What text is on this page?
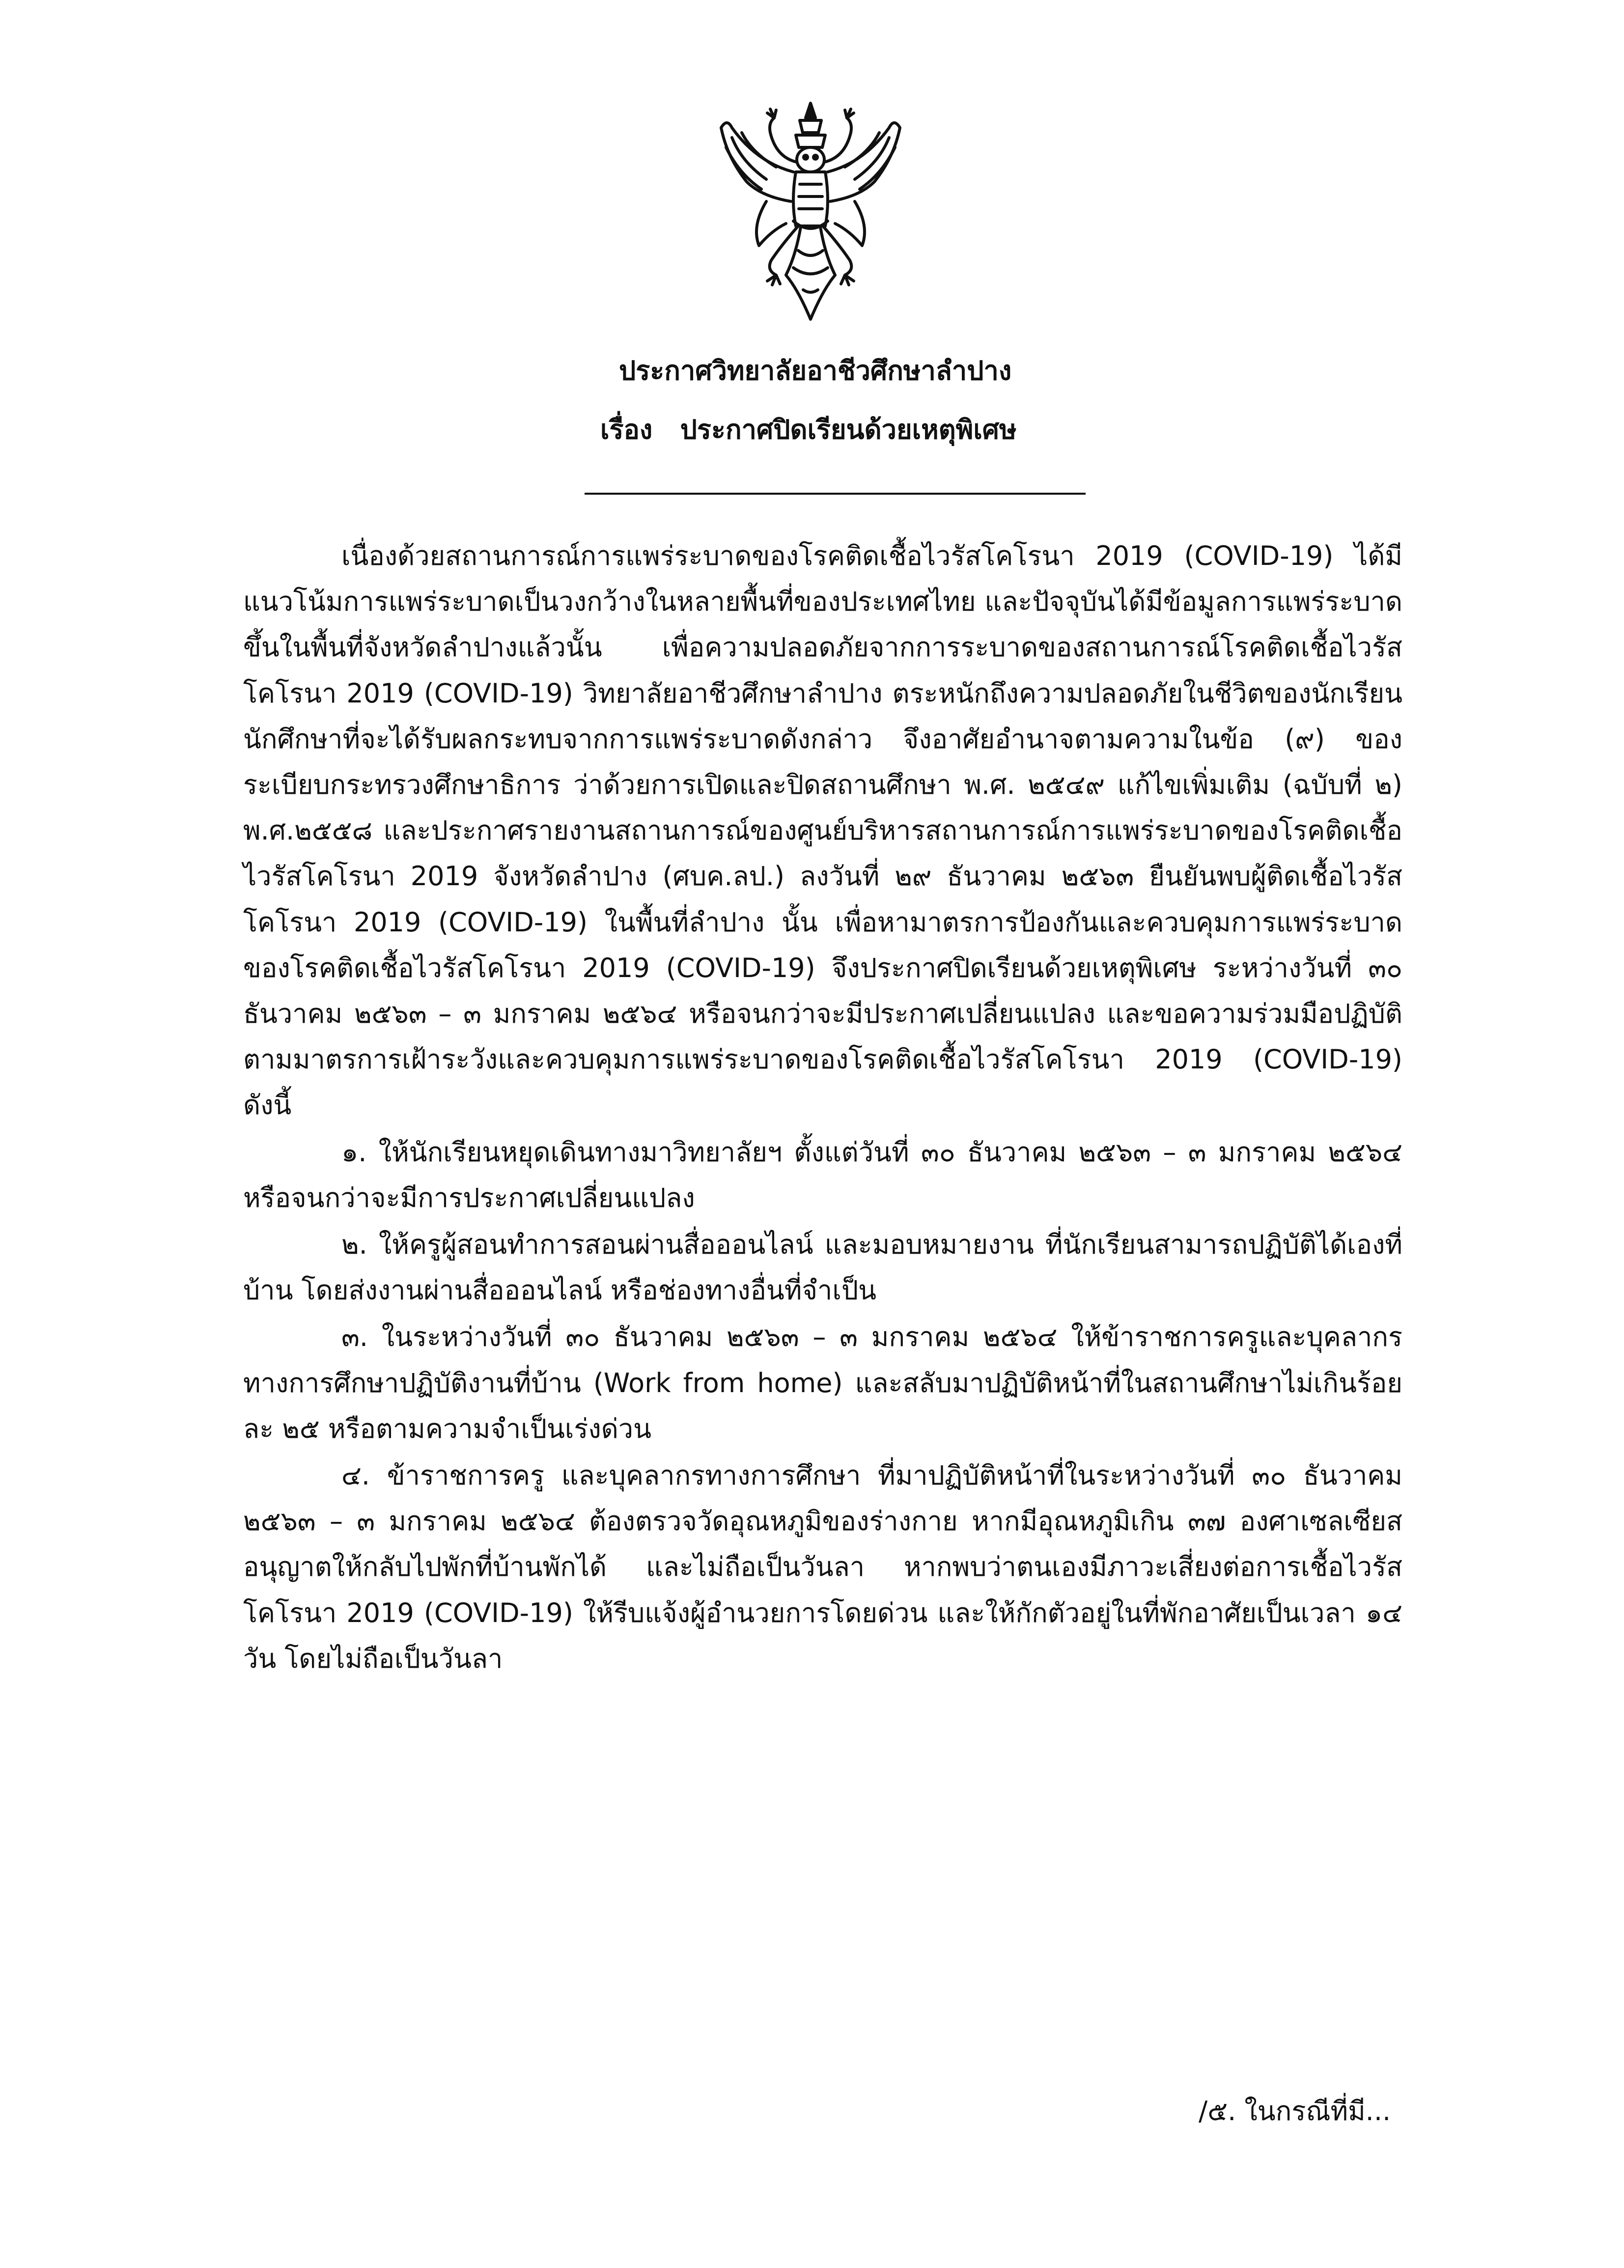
ประกาศวิทยาลัยอาชีวศึกษาลำปาง
เรื่อง   ประกาศปิดเรียนด้วยเหตุพิเศษ

เนื่องด้วยสถานการณ์การแพร่ระบาดของโรคติดเชื้อไวรัสโคโรนา 2019 (COVID-19) ได้มีแนวโน้มการแพร่ระบาดเป็นวงกว้างในหลายพื้นที่ของประเทศไทย และปัจจุบันได้มีข้อมูลการแพร่ระบาดขึ้นในพื้นที่จังหวัดลำปางแล้วนั้น เพื่อความปลอดภัยจากการระบาดของสถานการณ์โรคติดเชื้อไวรัสโคโรนา 2019 (COVID-19) วิทยาลัยอาชีวศึกษาลำปาง ตระหนักถึงความปลอดภัยในชีวิตของนักเรียน นักศึกษาที่จะได้รับผลกระทบจากการแพร่ระบาดดังกล่าว จึงอาศัยอำนาจตามความในข้อ (๙) ของระเบียบกระทรวงศึกษาธิการ ว่าด้วยการเปิดและปิดสถานศึกษา พ.ศ. ๒๕๔๙ แก้ไขเพิ่มเติม (ฉบับที่ ๒) พ.ศ.๒๕๕๘ และประกาศรายงานสถานการณ์ของศูนย์บริหารสถานการณ์การแพร่ระบาดของโรคติดเชื้อไวรัสโคโรนา 2019 จังหวัดลำปาง (ศบค.ลป.) ลงวันที่ ๒๙ ธันวาคม ๒๕๖๓ ยืนยันพบผู้ติดเชื้อไวรัสโคโรนา 2019 (COVID-19) ในพื้นที่ลำปาง นั้น เพื่อหามาตรการป้องกันและควบคุมการแพร่ระบาดของโรคติดเชื้อไวรัสโคโรนา 2019 (COVID-19) จึงประกาศปิดเรียนด้วยเหตุพิเศษ ระหว่างวันที่ ๓๐ ธันวาคม ๒๕๖๓ – ๓ มกราคม ๒๕๖๔ หรือจนกว่าจะมีประกาศเปลี่ยนแปลง และขอความร่วมมือปฏิบัติตามมาตรการเฝ้าระวังและควบคุมการแพร่ระบาดของโรคติดเชื้อไวรัสโคโรนา 2019 (COVID-19) ดังนี้

๑. ให้นักเรียนหยุดเดินทางมาวิทยาลัยฯ ตั้งแต่วันที่ ๓๐ ธันวาคม ๒๕๖๓ – ๓ มกราคม ๒๕๖๔ หรือจนกว่าจะมีการประกาศเปลี่ยนแปลง

๒. ให้ครูผู้สอนทำการสอนผ่านสื่อออนไลน์ และมอบหมายงาน ที่นักเรียนสามารถปฏิบัติได้เองที่บ้าน โดยส่งงานผ่านสื่อออนไลน์ หรือช่องทางอื่นที่จำเป็น

๓. ในระหว่างวันที่ ๓๐ ธันวาคม ๒๕๖๓ – ๓ มกราคม ๒๕๖๔ ให้ข้าราชการครูและบุคลากรทางการศึกษาปฏิบัติงานที่บ้าน (Work from home) และสลับมาปฏิบัติหน้าที่ในสถานศึกษาไม่เกินร้อยละ ๒๕ หรือตามความจำเป็นเร่งด่วน

๔. ข้าราชการครู และบุคลากรทางการศึกษา ที่มาปฏิบัติหน้าที่ในระหว่างวันที่ ๓๐ ธันวาคม ๒๕๖๓ – ๓ มกราคม ๒๕๖๔ ต้องตรวจวัดอุณหภูมิของร่างกาย หากมีอุณหภูมิเกิน ๓๗ องศาเซลเซียส อนุญาตให้กลับไปพักที่บ้านพักได้ และไม่ถือเป็นวันลา หากพบว่าตนเองมีภาวะเสี่ยงต่อการเชื้อไวรัสโคโรนา 2019 (COVID-19) ให้รีบแจ้งผู้อำนวยการโดยด่วน และให้กักตัวอยู่ในที่พักอาศัยเป็นเวลา ๑๔ วัน โดยไม่ถือเป็นวันลา

/๕. ในกรณีที่มี...
